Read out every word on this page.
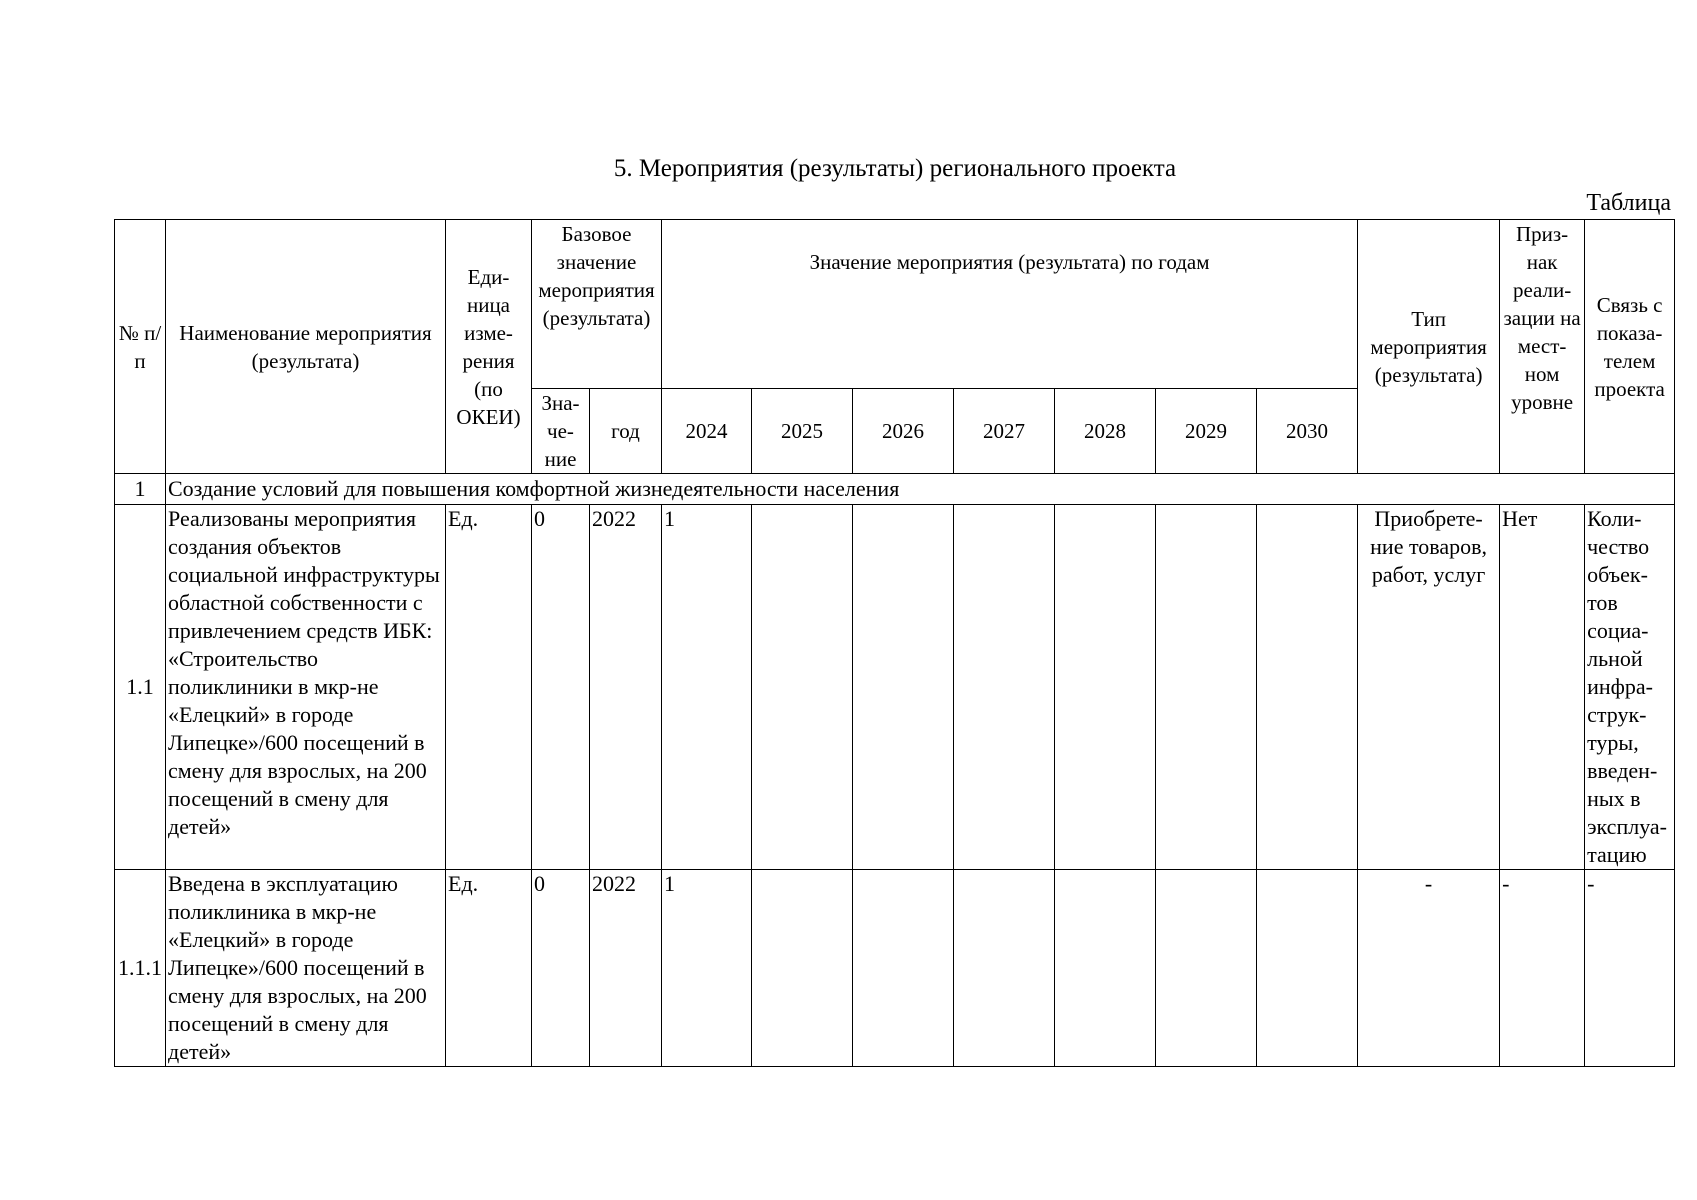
5. Мероприятия (результаты) регионального проекта
Таблица
№ п/п	Наименование мероприятия (результата)	Еди-ница изме-рения (по ОКЕИ)	Базовое значение мероприятия (результата)		Значение мероприятия (результата) по годам							Тип мероприятия (результата)	Приз-нак реали-зации на мест-ном уровне	Связь с показа-телем проекта
			Зна-че-ние	год	2024	2025	2026	2027	2028	2029	2030			
1	Создание условий для повышения комфортной жизнедеятельности населения													
1.1	Реализованы мероприятия создания объектов социальной инфраструктуры областной собственности с привлечением средств ИБК: «Строительство поликлиники в мкр-не «Елецкий» в городе Липецке»/600 посещений в смену для взрослых, на 200 посещений в смену для детей»	Ед.	0	2022	1							Приобрете-ние товаров, работ, услуг	Нет	Коли-чество объек-тов социа-льной инфра-струк-туры, введен-ных в эксплуа-тацию
1.1.1	Введена в эксплуатацию поликлиника в мкр-не «Елецкий» в городе Липецке»/600 посещений в смену для взрослых, на 200 посещений в смену для детей»	Ед.	0	2022	1							-	-	-
